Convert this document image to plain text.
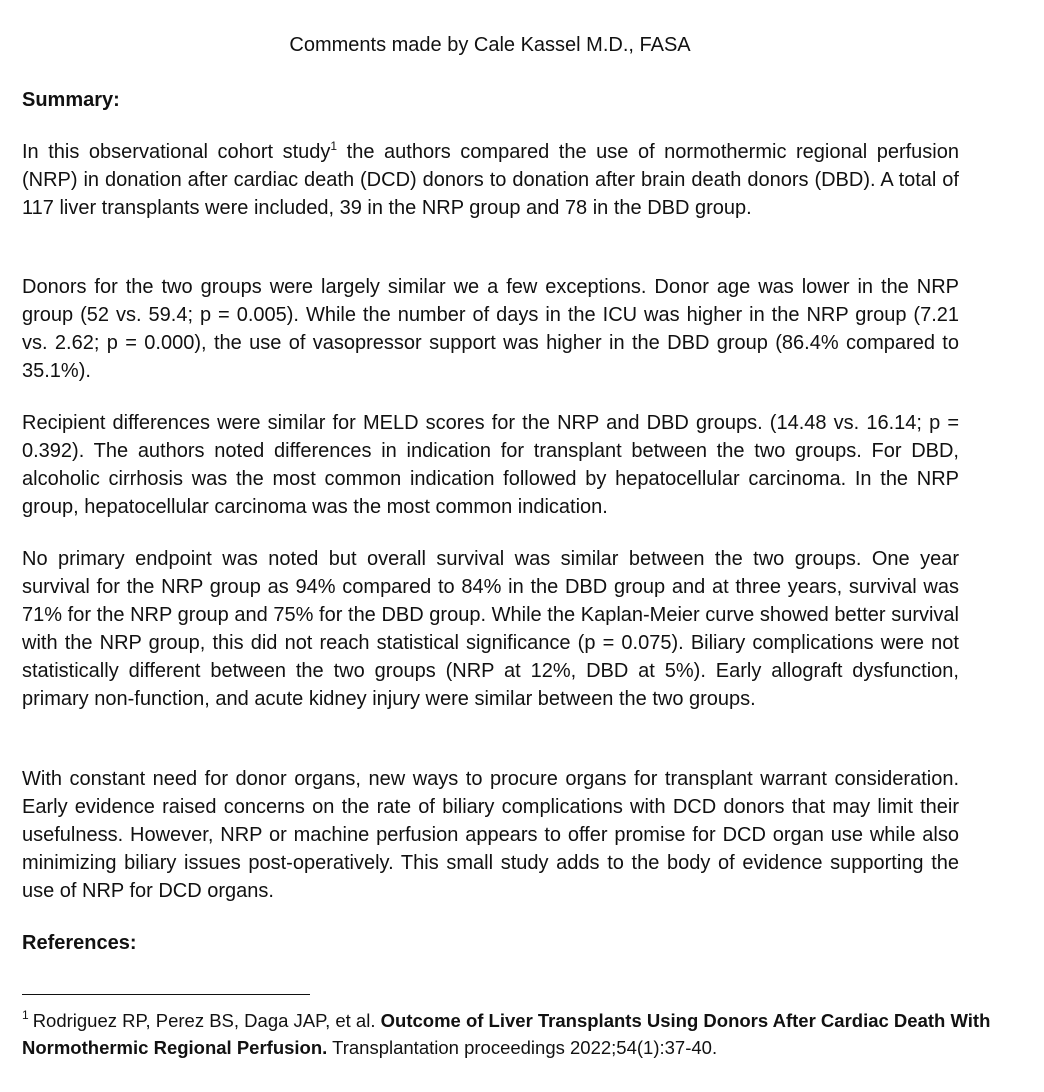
Comments made by Cale Kassel M.D., FASA
Summary:

In this observational cohort study$^1$ the authors compared the use of normothermic regional perfusion (NRP) in donation after cardiac death (DCD) donors to donation after brain death donors (DBD). A total of 117 liver transplants were included, 39 in the NRP group and 78 in the DBD group.

Donors for the two groups were largely similar we a few exceptions. Donor age was lower in the NRP group (52 vs. 59.4; p = 0.005). While the number of days in the ICU was higher in the NRP group (7.21 vs. 2.62; p = 0.000), the use of vasopressor support was higher in the DBD group (86.4% compared to 35.1%).

Recipient differences were similar for MELD scores for the NRP and DBD groups. (14.48 vs. 16.14; p = 0.392). The authors noted differences in indication for transplant between the two groups. For DBD, alcoholic cirrhosis was the most common indication followed by hepatocellular carcinoma. In the NRP group, hepatocellular carcinoma was the most common indication.

No primary endpoint was noted but overall survival was similar between the two groups. One year survival for the NRP group as 94% compared to 84% in the DBD group and at three years, survival was 71% for the NRP group and 75% for the DBD group. While the Kaplan-Meier curve showed better survival with the NRP group, this did not reach statistical significance (p = 0.075). Biliary complications were not statistically different between the two groups (NRP at 12%, DBD at 5%). Early allograft dysfunction, primary non-function, and acute kidney injury were similar between the two groups.

With constant need for donor organs, new ways to procure organs for transplant warrant consideration. Early evidence raised concerns on the rate of biliary complications with DCD donors that may limit their usefulness. However, NRP or machine perfusion appears to offer promise for DCD organ use while also minimizing biliary issues post-operatively. This small study adds to the body of evidence supporting the use of NRP for DCD organs.

References:

$^1$ Rodriguez RP, Perez BS, Daga JAP, et al. Outcome of Liver Transplants Using Donors After Cardiac Death With Normothermic Regional Perfusion. Transplantation proceedings 2022;54(1):37-40.
